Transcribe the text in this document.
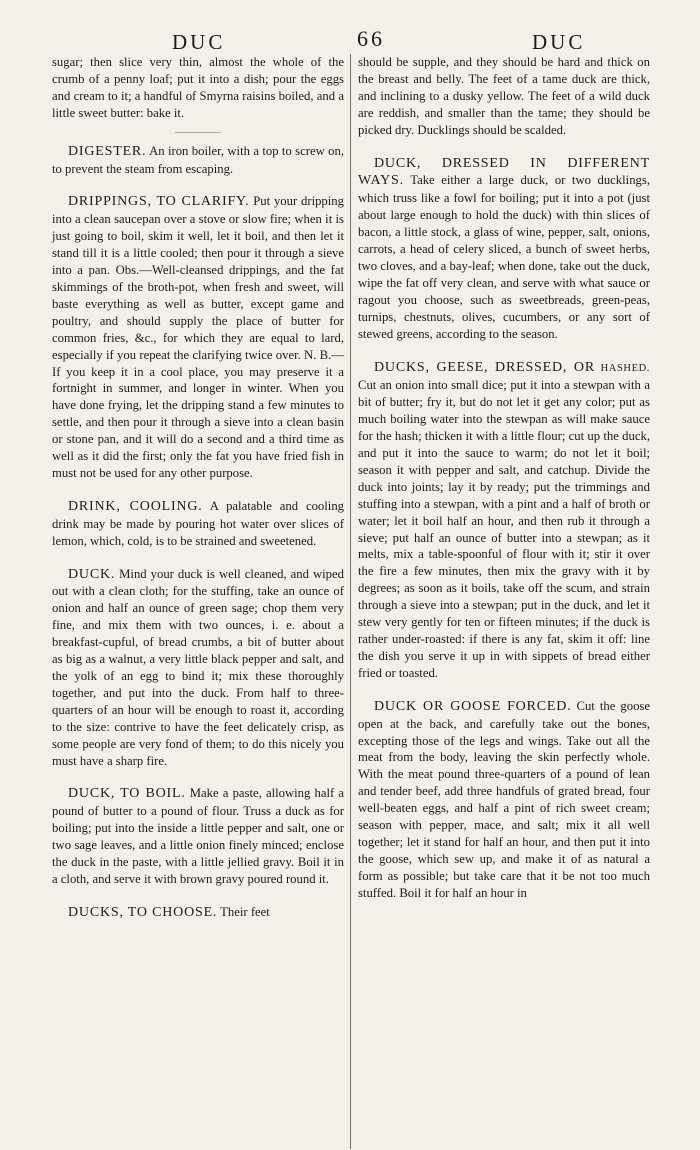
DUC	66	DUC

sugar; then slice very thin, almost the whole of the crumb of a penny loaf; put it into a dish; pour the eggs and cream to it; a handful of Smyrna raisins boiled, and a little sweet butter: bake it.

DIGESTER. An iron boiler, with a top to screw on, to prevent the steam from escaping.

DRIPPINGS, TO CLARIFY. Put your dripping into a clean saucepan over a stove or slow fire; when it is just going to boil, skim it well, let it boil, and then let it stand till it is a little cooled; then pour it through a sieve into a pan. Obs.—Well-cleansed drippings, and the fat skimmings of the broth-pot, when fresh and sweet, will baste everything as well as butter, except game and poultry, and should supply the place of butter for common fries, &c., for which they are equal to lard, especially if you repeat the clarifying twice over. N. B.—If you keep it in a cool place, you may preserve it a fortnight in summer, and longer in winter. When you have done frying, let the dripping stand a few minutes to settle, and then pour it through a sieve into a clean basin or stone pan, and it will do a second and a third time as well as it did the first; only the fat you have fried fish in must not be used for any other purpose.

DRINK, COOLING. A palatable and cooling drink may be made by pouring hot water over slices of lemon, which, cold, is to be strained and sweetened.

DUCK. Mind your duck is well cleaned, and wiped out with a clean cloth; for the stuffing, take an ounce of onion and half an ounce of green sage; chop them very fine, and mix them with two ounces, i. e. about a breakfast-cupful, of bread crumbs, a bit of butter about as big as a walnut, a very little black pepper and salt, and the yolk of an egg to bind it; mix these thoroughly together, and put into the duck. From half to three-quarters of an hour will be enough to roast it, according to the size: contrive to have the feet delicately crisp, as some people are very fond of them; to do this nicely you must have a sharp fire.

DUCK, TO BOIL. Make a paste, allowing half a pound of butter to a pound of flour. Truss a duck as for boiling; put into the inside a little pepper and salt, one or two sage leaves, and a little onion finely minced; enclose the duck in the paste, with a little jellied gravy. Boil it in a cloth, and serve it with brown gravy poured round it.

DUCKS, TO CHOOSE. Their feet

should be supple, and they should be hard and thick on the breast and belly. The feet of a tame duck are thick, and inclining to a dusky yellow. The feet of a wild duck are reddish, and smaller than the tame; they should be picked dry. Ducklings should be scalded.

DUCK, DRESSED IN DIFFERENT WAYS. Take either a large duck, or two ducklings, which truss like a fowl for boiling; put it into a pot (just about large enough to hold the duck) with thin slices of bacon, a little stock, a glass of wine, pepper, salt, onions, carrots, a head of celery sliced, a bunch of sweet herbs, two cloves, and a bay-leaf; when done, take out the duck, wipe the fat off very clean, and serve with what sauce or ragout you choose, such as sweetbreads, green-peas, turnips, chestnuts, olives, cucumbers, or any sort of stewed greens, according to the season.

DUCKS, GEESE, DRESSED, OR HASHED. Cut an onion into small dice; put it into a stewpan with a bit of butter; fry it, but do not let it get any color; put as much boiling water into the stewpan as will make sauce for the hash; thicken it with a little flour; cut up the duck, and put it into the sauce to warm; do not let it boil; season it with pepper and salt, and catchup. Divide the duck into joints; lay it by ready; put the trimmings and stuffing into a stewpan, with a pint and a half of broth or water; let it boil half an hour, and then rub it through a sieve; put half an ounce of butter into a stewpan; as it melts, mix a table-spoonful of flour with it; stir it over the fire a few minutes, then mix the gravy with it by degrees; as soon as it boils, take off the scum, and strain through a sieve into a stewpan; put in the duck, and let it stew very gently for ten or fifteen minutes; if the duck is rather under-roasted: if there is any fat, skim it off: line the dish you serve it up in with sippets of bread either fried or toasted.

DUCK OR GOOSE FORCED. Cut the goose open at the back, and carefully take out the bones, excepting those of the legs and wings. Take out all the meat from the body, leaving the skin perfectly whole. With the meat pound three-quarters of a pound of lean and tender beef, add three handfuls of grated bread, four well-beaten eggs, and half a pint of rich sweet cream; season with pepper, mace, and salt; mix it all well together; let it stand for half an hour, and then put it into the goose, which sew up, and make it of as natural a form as possible; but take care that it be not too much stuffed. Boil it for half an hour in
